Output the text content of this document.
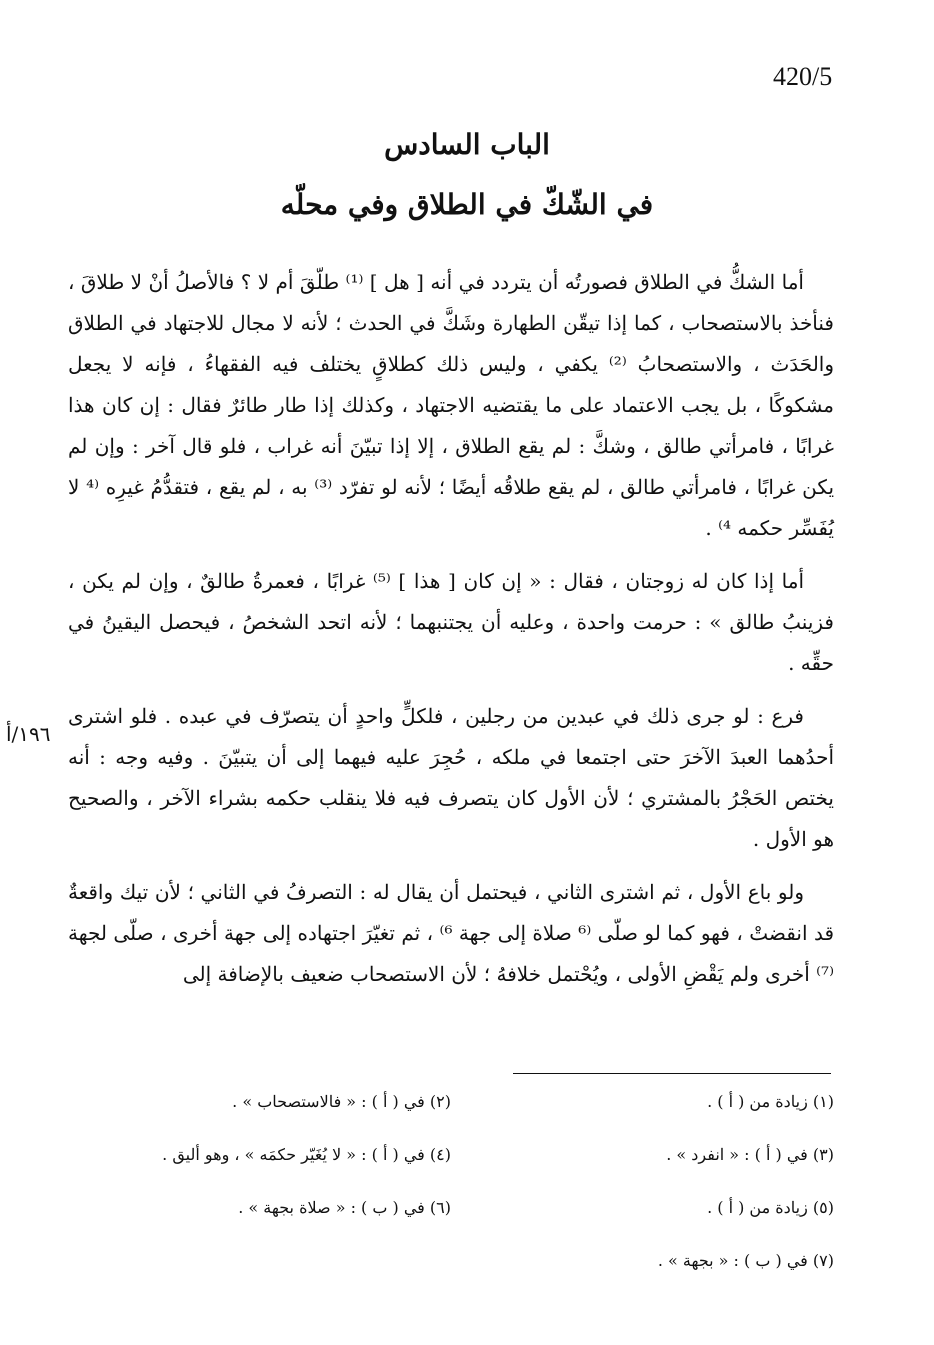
420/5
الباب السادس
في الشّكّ في الطلاق وفي محلّه
١٩٦/أ

أما الشكُّ في الطلاق فصورتُه أن يتردد في أنه [ هل ] ⁽¹⁾ طلّقَ أم لا ؟ فالأصلُ أنْ لا طلاقَ ، فنأخذ بالاستصحاب ، كما إذا تيقّن الطهارة وشَكَّ في الحدث ؛ لأنه لا مجال للاجتهاد في الطلاق والحَدَث ، والاستصحابُ ⁽²⁾ يكفي ، وليس ذلك كطلاقٍ يختلف فيه الفقهاءُ ، فإنه لا يجعل مشكوكًا ، بل يجب الاعتماد على ما يقتضيه الاجتهاد ، وكذلك إذا طار طائرٌ فقال : إن كان هذا غرابًا ، فامرأتي طالق ، وشكَّ : لم يقع الطلاق ، إلا إذا تبيّنَ أنه غراب ، فلو قال آخر : وإن لم يكن غرابًا ، فامرأتي طالق ، لم يقع طلاقُه أيضًا ؛ لأنه لو تفرّد ⁽³⁾ به ، لم يقع ، فتقدُّمُ غيرِه ⁽⁴ لا يُفَسِّر حكمه ⁴⁾ .

أما إذا كان له زوجتان ، فقال : « إن كان [ هذا ] ⁽⁵⁾ غرابًا ، فعمرةُ طالقٌ ، وإن لم يكن ، فزينبُ طالق » : حرمت واحدة ، وعليه أن يجتنبهما ؛ لأنه اتحد الشخصُ ، فيحصل اليقينُ في حقِّه .

فرع : لو جرى ذلك في عبدين من رجلين ، فلكلٍّ واحدٍ أن يتصرّف في عبده . فلو اشترى أحدُهما العبدَ الآخرَ حتى اجتمعا في ملكه ، حُجِرَ عليه فيهما إلى أن يتبيّنَ . وفيه وجه : أنه يختص الحَجْرُ بالمشتري ؛ لأن الأول كان يتصرف فيه فلا ينقلب حكمه بشراء الآخر ، والصحيح هو الأول .

ولو باع الأول ، ثم اشترى الثاني ، فيحتمل أن يقال له : التصرفُ في الثاني ؛ لأن تيك واقعةٌ قد انقضتْ ، فهو كما لو صلّى ⁽⁶ صلاة إلى جهة ⁶⁾ ، ثم تغيّرَ اجتهاده إلى جهة أخرى ، صلّى لجهة ⁽⁷⁾ أخرى ولم يَقْضِ الأولى ، ويُحْتمل خلافهُ ؛ لأن الاستصحاب ضعيف بالإضافة إلى

(١) زيادة من ( أ ) .
(٢) في ( أ ) : « فالاستصحاب » .
(٣) في ( أ ) : « انفرد » .
(٤) في ( أ ) : « لا يُغَيّر حكمَه » ، وهو أليق .
(٥) زيادة من ( أ ) .
(٦) في ( ب ) : « صلاة بجهة » .
(٧) في ( ب ) : « بجهة » .
